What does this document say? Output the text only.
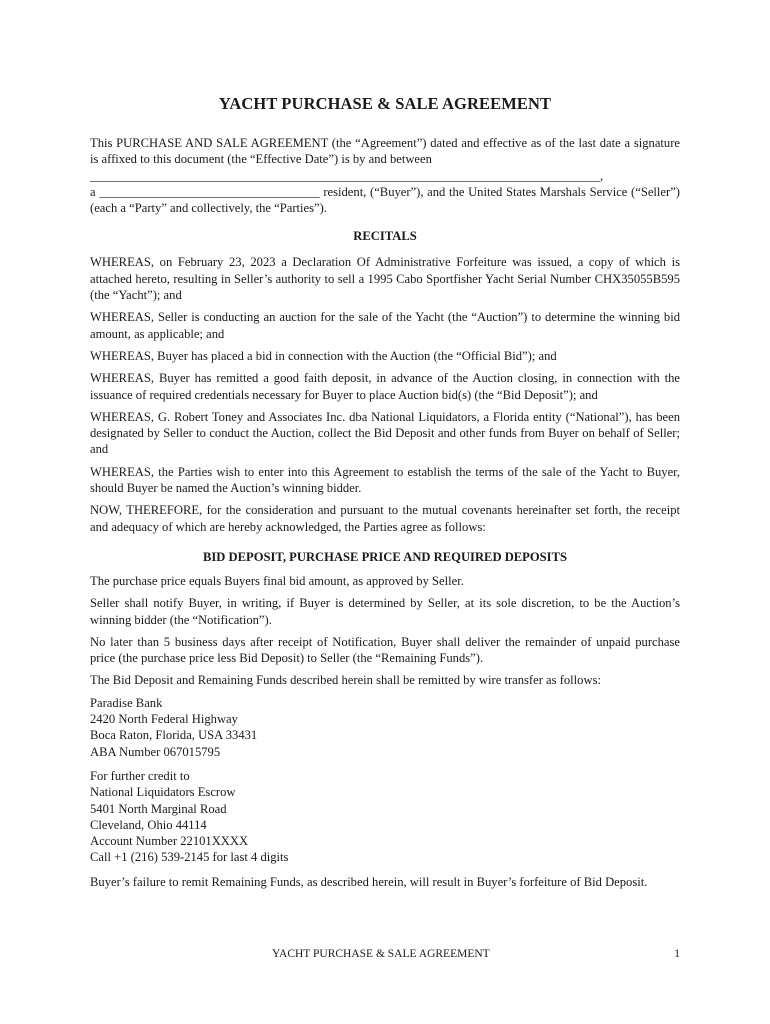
YACHT PURCHASE & SALE AGREEMENT

This PURCHASE AND SALE AGREEMENT (the “Agreement”) dated and effective as of the last date a signature is affixed to this document (the “Effective Date”) is by and between

_________________________________________________________________________________,

a ___________________________________ resident, (“Buyer”), and the United States Marshals Service (“Seller”) (each a “Party” and collectively, the “Parties”).

RECITALS

WHEREAS, on February 23, 2023 a Declaration Of Administrative Forfeiture was issued, a copy of which is attached hereto, resulting in Seller’s authority to sell a 1995 Cabo Sportfisher Yacht Serial Number CHX35055B595 (the “Yacht”); and

WHEREAS, Seller is conducting an auction for the sale of the Yacht (the “Auction”) to determine the winning bid amount, as applicable; and

WHEREAS, Buyer has placed a bid in connection with the Auction (the “Official Bid”); and

WHEREAS, Buyer has remitted a good faith deposit, in advance of the Auction closing, in connection with the issuance of required credentials necessary for Buyer to place Auction bid(s) (the “Bid Deposit”); and

WHEREAS, G. Robert Toney and Associates Inc. dba National Liquidators, a Florida entity (“National”), has been designated by Seller to conduct the Auction, collect the Bid Deposit and other funds from Buyer on behalf of Seller; and

WHEREAS, the Parties wish to enter into this Agreement to establish the terms of the sale of the Yacht to Buyer, should Buyer be named the Auction’s winning bidder.

NOW, THEREFORE, for the consideration and pursuant to the mutual covenants hereinafter set forth, the receipt and adequacy of which are hereby acknowledged, the Parties agree as follows:

BID DEPOSIT, PURCHASE PRICE AND REQUIRED DEPOSITS

The purchase price equals Buyers final bid amount, as approved by Seller.

Seller shall notify Buyer, in writing, if Buyer is determined by Seller, at its sole discretion, to be the Auction’s winning bidder (the “Notification”).

No later than 5 business days after receipt of Notification, Buyer shall deliver the remainder of unpaid purchase price (the purchase price less Bid Deposit) to Seller (the “Remaining Funds”).

The Bid Deposit and Remaining Funds described herein shall be remitted by wire transfer as follows:

Paradise Bank

2420 North Federal Highway

Boca Raton, Florida, USA 33431

ABA Number 067015795

For further credit to

National Liquidators Escrow

5401 North Marginal Road

Cleveland, Ohio 44114

Account Number 22101XXXX

Call +1 (216) 539-2145 for last 4 digits

Buyer’s failure to remit Remaining Funds, as described herein, will result in Buyer’s forfeiture of Bid Deposit.

YACHT PURCHASE & SALE AGREEMENT	1
